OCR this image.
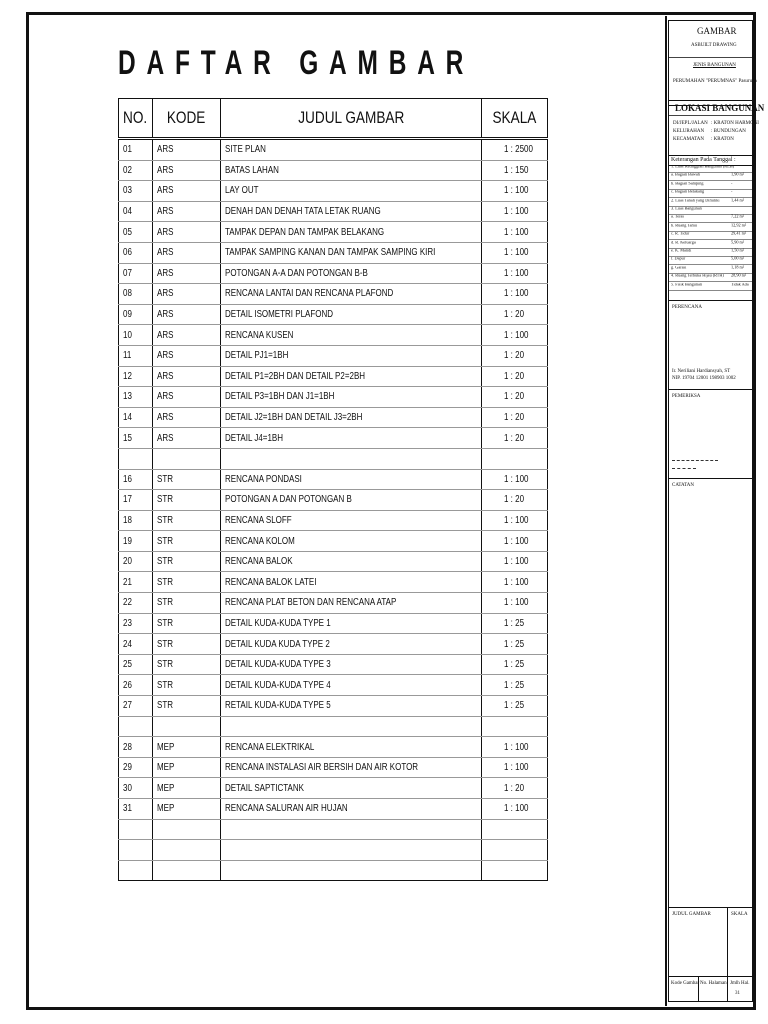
DAFTAR GAMBAR
NO.	KODE	JUDUL GAMBAR	SKALA
01	ARS	SITE PLAN	1 : 2500
02	ARS	BATAS LAHAN	1 : 150
03	ARS	LAY OUT	1 : 100
04	ARS	DENAH DAN DENAH TATA LETAK RUANG	1 : 100
05	ARS	TAMPAK DEPAN DAN TAMPAK BELAKANG	1 : 100
06	ARS	TAMPAK SAMPING KANAN DAN TAMPAK SAMPING KIRI	1 : 100
07	ARS	POTONGAN A-A DAN POTONGAN B-B	1 : 100
08	ARS	RENCANA LANTAI DAN RENCANA PLAFOND	1 : 100
09	ARS	DETAIL ISOMETRI PLAFOND	1 : 20
10	ARS	RENCANA KUSEN	1 : 100
11	ARS	DETAIL PJ1=1BH	1 : 20
12	ARS	DETAIL P1=2BH DAN DETAIL P2=2BH	1 : 20
13	ARS	DETAIL P3=1BH DAN J1=1BH	1 : 20
14	ARS	DETAIL J2=1BH DAN DETAIL J3=2BH	1 : 20
15	ARS	DETAIL J4=1BH	1 : 20

16	STR	RENCANA PONDASI	1 : 100
17	STR	POTONGAN A DAN POTONGAN B	1 : 20
18	STR	RENCANA SLOFF	1 : 100
19	STR	RENCANA KOLOM	1 : 100
20	STR	RENCANA BALOK	1 : 100
21	STR	RENCANA BALOK LATEI	1 : 100
22	STR	RENCANA PLAT BETON DAN RENCANA ATAP	1 : 100
23	STR	DETAIL KUDA-KUDA TYPE 1	1 : 25
24	STR	DETAIL KUDA KUDA TYPE 2	1 : 25
25	STR	DETAIL KUDA-KUDA TYPE 3	1 : 25
26	STR	DETAIL KUDA-KUDA TYPE 4	1 : 25
27	STR	RETAIL KUDA-KUDA TYPE 5	1 : 25

28	MEP	RENCANA ELEKTRIKAL	1 : 100
29	MEP	RENCANA INSTALASI AIR BERSIH DAN AIR KOTOR	1 : 100
30	MEP	DETAIL SAPTICTANK	1 : 20
31	MEP	RENCANA SALURAN AIR HUJAN	1 : 100

GAMBAR
ASBUILT DRAWING
JENIS BANGUNAN
PERUMAHAN "PERUMNAS" Pasuruan
LOKASI BANGUNAN
DI/JEPL/JALAN : KRATON HARMONI
KELURAHAN : BUNDUNGAN
KECAMATAN : KRATON
Keterangan Pada Tanggal :
1. Luas Ketinggian Bangunan (KLB)
a. Bagian Bawah	1,90 m²
b. Bagian Samping	-
c. Bagian Belakang	-
2. Luas Tanah yang Dimiliki 1,44 m²
3. Luas Bangunan
a. Teras	7,22 m²
b. Ruang Tamu	12,92 m²
c. R. Tidur	29,41 m²
d. R. Keluarga	5,90 m²
e. K. Mandi	1,50 m²
f. Dapur	5,00 m²
g. Garasi	1,18 m²
4. Ruang Terbuka Hijau (RTH) 28,90 m²
5. Fisik Bangunan	Tidak Ada
PERENCANA
Ir. Neriliani Hardiansyah, ST
NIP. 19704 12001 198903 1002
PEMERIKSA
CATATAN
JUDUL GAMBAR	SKALA
Kode Gambar No. Halaman Jmlh Hal.
31
